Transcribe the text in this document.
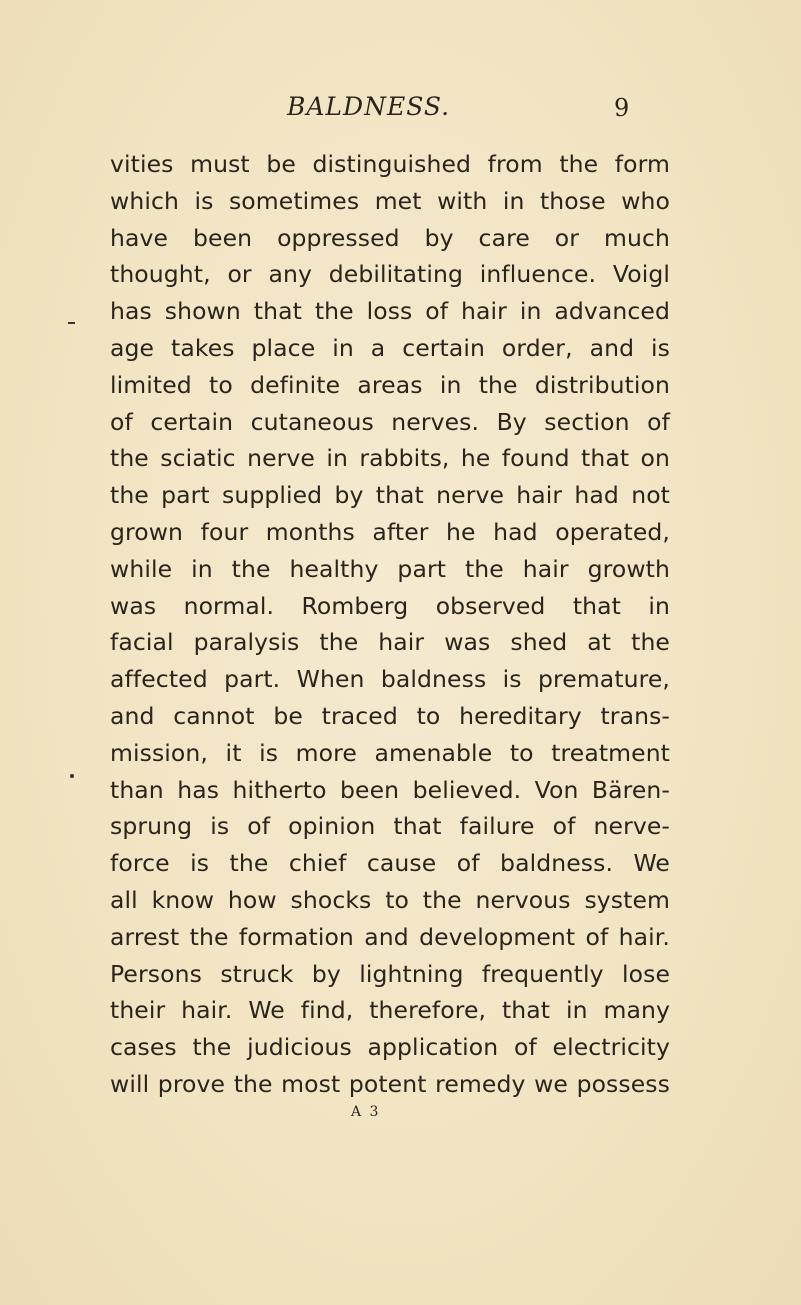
BALDNESS.	9
vities must be distinguished from the form
which is sometimes met with in those who
have been oppressed by care or much
thought, or any debilitating influence. Voigl
has shown that the loss of hair in advanced
age takes place in a certain order, and is
limited to definite areas in the distribution
of certain cutaneous nerves. By section of
the sciatic nerve in rabbits, he found that on
the part supplied by that nerve hair had not
grown four months after he had operated,
while in the healthy part the hair growth
was normal. Romberg observed that in
facial paralysis the hair was shed at the
affected part. When baldness is premature,
and cannot be traced to hereditary trans-
mission, it is more amenable to treatment
than has hitherto been believed. Von Bären-
sprung is of opinion that failure of nerve-
force is the chief cause of baldness. We
all know how shocks to the nervous system
arrest the formation and development of hair.
Persons struck by lightning frequently lose
their hair. We find, therefore, that in many
cases the judicious application of electricity
will prove the most potent remedy we possess
A 3
